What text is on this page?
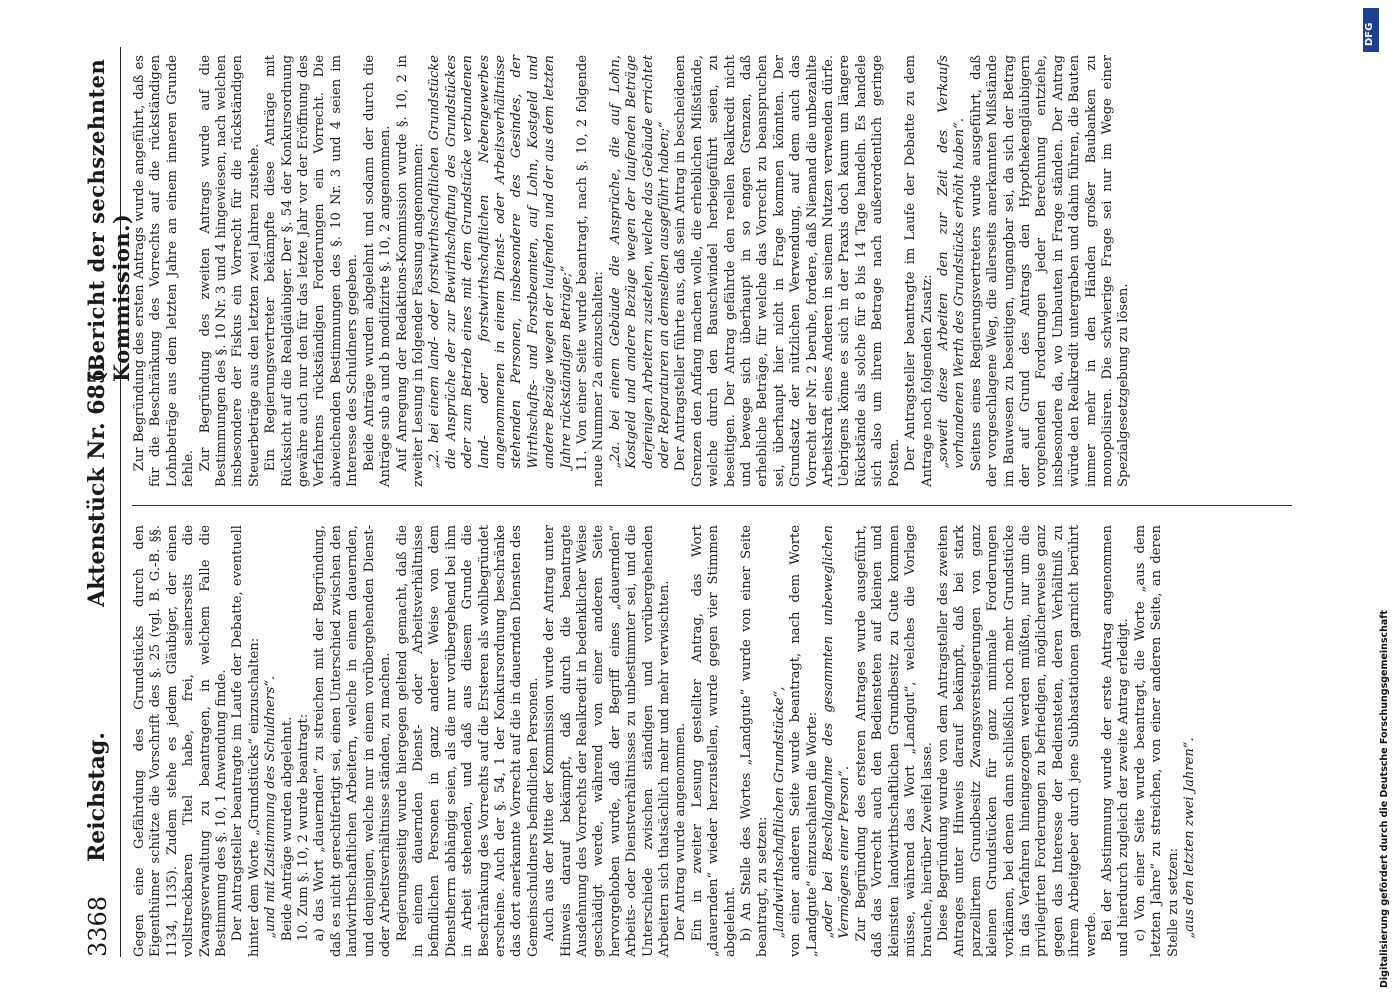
3368
Reichstag.
Aktenstück Nr. 685.
(Bericht der sechszehnten Kommission.)

Gegen eine Gefährdung des Grundstücks durch den Eigenthümer schütze die Vorschrift des §. 25 (vgl. B. G.-B. §§. 1134, 1135). Zudem stehe es jedem Gläubiger, der einen vollstreckbaren Titel habe, frei, seinerseits die Zwangsverwaltung zu beantragen, in welchem Falle die Bestimmung des §. 10, 1 Anwendung finde. Der Antragsteller beantragte im Laufe der Debatte, eventuell hinter dem Worte „Grundstücks“ einzuschalten: „und mit Zustimmung des Schuldners“. Beide Anträge wurden abgelehnt. 10. Zum §. 10, 2 wurde beantragt: a) das Wort „dauernden“ zu streichen mit der Begründung, daß es nicht gerechtfertigt sei, einen Unterschied zwischen den landwirthschaftlichen Arbeitern, welche in einem dauernden, und denjenigen, welche nur in einem vorübergehenden Dienst- oder Arbeitsverhältnisse ständen, zu machen. Regierungsseitig wurde hiergegen geltend gemacht, daß die in einem dauernden Dienst- oder Arbeitsverhältnisse befindlichen Personen in ganz anderer Weise von dem Dienstherrn abhängig seien, als die nur vorübergehend bei ihm in Arbeit stehenden, und daß aus diesem Grunde die Beschränkung des Vorrechts auf die Ersteren als wohlbegründet erscheine. Auch der §. 54, 1 der Konkursordnung beschränke das dort anerkannte Vorrecht auf die in dauernden Diensten des Gemeinschuldners befindlichen Personen. Auch aus der Mitte der Kommission wurde der Antrag unter Hinweis darauf bekämpft, daß durch die beantragte Ausdehnung des Vorrechts der Realkredit in bedenklicher Weise geschädigt werde, während von einer anderen Seite hervorgehoben wurde, daß der Begriff eines „dauernden“ Arbeits- oder Dienstverhältnisses zu unbestimmter sei, und die Unterschiede zwischen ständigen und vorübergehenden Arbeitern sich thatsächlich mehr und mehr verwischten. Der Antrag wurde angenommen. Ein in zweiter Lesung gestellter Antrag, das Wort „dauernden“ wieder herzustellen, wurde gegen vier Stimmen abgelehnt. b) An Stelle des Wortes „Landgute“ wurde von einer Seite beantragt, zu setzen: „landwirthschaftlichen Grundstücke“, von einer anderen Seite wurde beantragt, nach dem Worte „Landgute“ einzuschalten die Worte: „oder bei Beschlagnahme des gesammten unbeweglichen Vermögens einer Person“. Zur Begründung des ersteren Antrages wurde ausgeführt, daß das Vorrecht auch den Bediensteten auf kleinen und kleinsten landwirthschaftlichen Grundbesitz zu Gute kommen müsse, während das Wort „Landgut“, welches die Vorlage brauche, hierüber Zweifel lasse. Diese Begründung wurde von dem Antragsteller des zweiten Antrages unter Hinweis darauf bekämpft, daß bei stark parzellirtem Grundbesitz Zwangsversteigerungen von ganz kleinen Grundstücken für ganz minimale Forderungen vorkämen, bei denen dann schließlich noch mehr Grundstücke in das Verfahren hineingezogen werden müßten, nur um die privilegirten Forderungen zu befriedigen, möglicherweise ganz gegen das Interesse der Bediensteten, deren Verhältniß zu ihrem Arbeitgeber durch jene Subhastationen garnicht berührt werde. Bei der Abstimmung wurde der erste Antrag angenommen und hierdurch zugleich der zweite Antrag erledigt. c) Von einer Seite wurde beantragt, die Worte „aus dem letzten Jahre“ zu streichen, von einer anderen Seite, an deren Stelle zu setzen: „aus den letzten zwei Jahren“.

Zur Begründung des ersten Antrags wurde angeführt, daß es für die Beschränkung des Vorrechts auf die rückständigen Lohnbeträge aus dem letzten Jahre an einem inneren Grunde fehle. Zur Begründung des zweiten Antrags wurde auf die Bestimmungen des §. 10 Nr. 3 und 4 hingewiesen, nach welchen insbesondere der Fiskus ein Vorrecht für die rückständigen Steuerbeträge aus den letzten zwei Jahren zustehe. Ein Regierungsvertreter bekämpfte diese Anträge mit Rücksicht auf die Realgläubiger. Der §. 54 der Konkursordnung gewähre auch nur den für das letzte Jahr vor der Eröffnung des Verfahrens rückständigen Forderungen ein Vorrecht. Die abweichenden Bestimmungen des §. 10 Nr. 3 und 4 seien im Interesse des Schuldners gegeben. Beide Anträge wurden abgelehnt und sodann der durch die Anträge sub a und b modifizirte §. 10, 2 angenommen. Auf Anregung der Redaktions-Kommission wurde §. 10, 2 in zweiter Lesung in folgender Fassung angenommen: „2. bei einem land- oder forstwirthschaftlichen Grundstücke die Ansprüche der zur Bewirthschaftung des Grundstückes oder zum Betrieb eines mit dem Grundstücke verbundenen land- oder forstwirthschaftlichen Nebengewerbes angenommenen in einem Dienst- oder Arbeitsverhältnisse stehenden Personen, insbesondere des Gesindes, der Wirthschafts- und Forstbeamten, auf Lohn, Kostgeld und andere Bezüge wegen der laufenden und der aus dem letzten Jahre rückständigen Beträge;“ 11. Von einer Seite wurde beantragt, nach §. 10, 2 folgende neue Nummer 2a einzuschalten: „2a. bei einem Gebäude die Ansprüche, die auf Lohn, Kostgeld und andere Bezüge wegen der laufenden Beträge derjenigen Arbeitern zustehen, welche das Gebäude errichtet oder Reparaturen an demselben ausgeführt haben;“ Der Antragsteller führte aus, daß sein Antrag in bescheidenen Grenzen den Anfang machen wolle, die erheblichen Mißstände, welche durch den Bauschwindel herbeigeführt seien, zu beseitigen. Der Antrag gefährde den reellen Realkredit nicht und bewege sich überhaupt in so engen Grenzen, daß erhebliche Beträge, für welche das Vorrecht zu beanspruchen sei, überhaupt hier nicht in Frage kommen könnten. Der Grundsatz der nützlichen Verwendung, auf dem auch das Vorrecht der Nr. 2 beruhe, fordere, daß Niemand die unbezahlte Arbeitskraft eines Anderen in seinem Nutzen verwenden dürfe. Uebrigens könne es sich in der Praxis doch kaum um längere Rückstände als solche für 8 bis 14 Tage handeln. Es handele sich also um ihrem Betrage nach außerordentlich geringe Posten. Der Antragsteller beantragte im Laufe der Debatte zu dem Antrage noch folgenden Zusatz: „soweit diese Arbeiten den zur Zeit des Verkaufs vorhandenen Werth des Grundstücks erhöht haben“. Seitens eines Regierungsvertreters wurde ausgeführt, daß der vorgeschlagene Weg, die allerseits anerkannten Mißstände im Bauwesen zu beseitigen, ungangbar sei, da sich der Betrag der auf Grund des Antrags den Hypothekengläubigern vorgehenden Forderungen jeder Berechnung entziehe, insbesondere da, wo Umbauten in Frage ständen. Der Antrag würde den Realkredit untergraben und dahin führen, die Bauten immer mehr in den Händen großer Baubanken zu monopolisiren. Die schwierige Frage sei nur im Wege einer Spezialgesetzgebung zu lösen.

DFG
Digitalisierung gefördert durch die Deutsche Forschungsgemeinschaft
